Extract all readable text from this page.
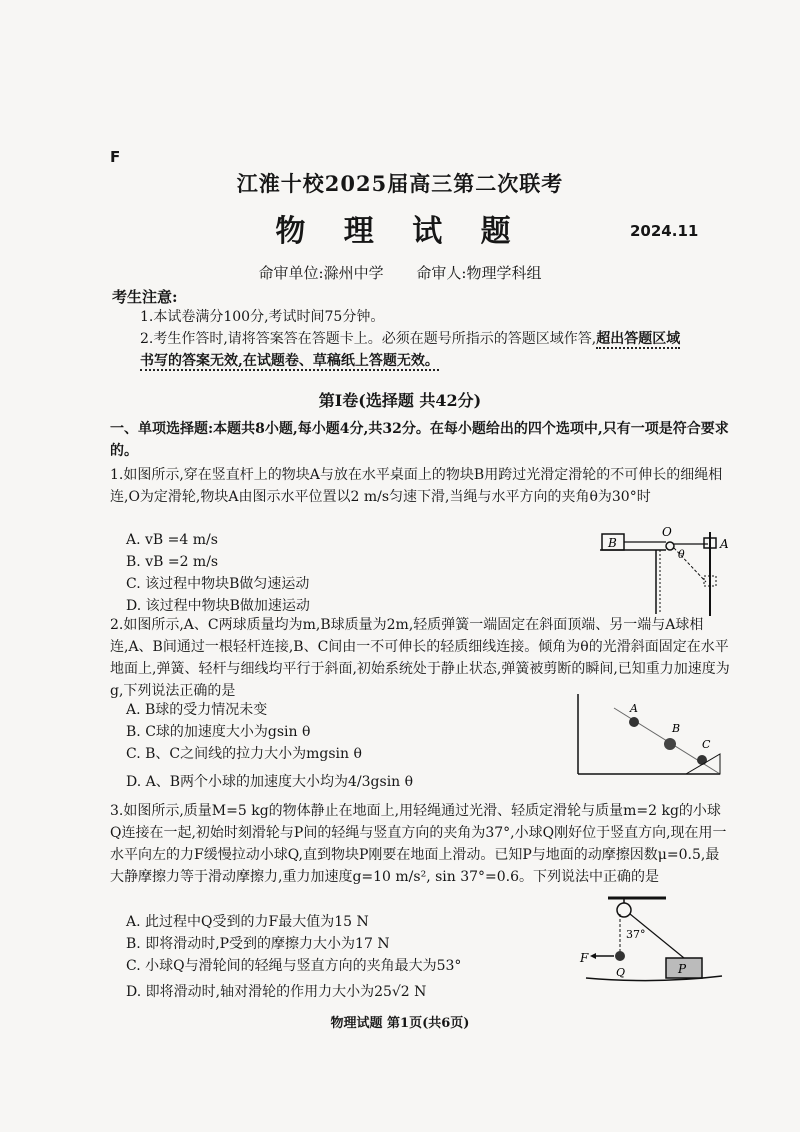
F
江淮十校2025届高三第二次联考
物 理 试 题	2024.11
命审单位:滁州中学 命审人:物理学科组
考生注意:
1.本试卷满分100分,考试时间75分钟。
2.考生作答时,请将答案答在答题卡上。必须在题号所指示的答题区域作答,超出答题区域
书写的答案无效,在试题卷、草稿纸上答题无效。
第Ⅰ卷(选择题 共42分)
一、单项选择题:本题共8小题,每小题4分,共32分。在每小题给出的四个选项中,只有一项是符合要求的。
1.如图所示,穿在竖直杆上的物块A与放在水平桌面上的物块B用跨过光滑定滑轮的不可伸长的细绳相连,O为定滑轮,物块A由图示水平位置以2 m/s匀速下滑,当绳与水平方向的夹角θ为30°时
A. vB =4 m/s
B. vB =2 m/s
C. 该过程中物块B做匀速运动
D. 该过程中物块B做加速运动
B
O
θ
A
2.如图所示,A、C两球质量均为m,B球质量为2m,轻质弹簧一端固定在斜面顶端、另一端与A球相连,A、B间通过一根轻杆连接,B、C间由一不可伸长的轻质细线连接。倾角为θ的光滑斜面固定在水平地面上,弹簧、轻杆与细线均平行于斜面,初始系统处于静止状态,弹簧被剪断的瞬间,已知重力加速度为g,下列说法正确的是
A. B球的受力情况未变
B. C球的加速度大小为gsin θ
C. B、C之间线的拉力大小为mgsin θ
D. A、B两个小球的加速度大小均为4/3gsin θ
A
B
C
3.如图所示,质量M=5 kg的物体静止在地面上,用轻绳通过光滑、轻质定滑轮与质量m=2 kg的小球Q连接在一起,初始时刻滑轮与P间的轻绳与竖直方向的夹角为37°,小球Q刚好位于竖直方向,现在用一水平向左的力F缓慢拉动小球Q,直到物块P刚要在地面上滑动。已知P与地面的动摩擦因数μ=0.5,最大静摩擦力等于滑动摩擦力,重力加速度g=10 m/s², sin 37°=0.6。下列说法中正确的是
A. 此过程中Q受到的力F最大值为15 N
B. 即将滑动时,P受到的摩擦力大小为17 N
C. 小球Q与滑轮间的轻绳与竖直方向的夹角最大为53°
D. 即将滑动时,轴对滑轮的作用力大小为25√2 N
37°
F
Q	P
物理试题 第1页(共6页)
